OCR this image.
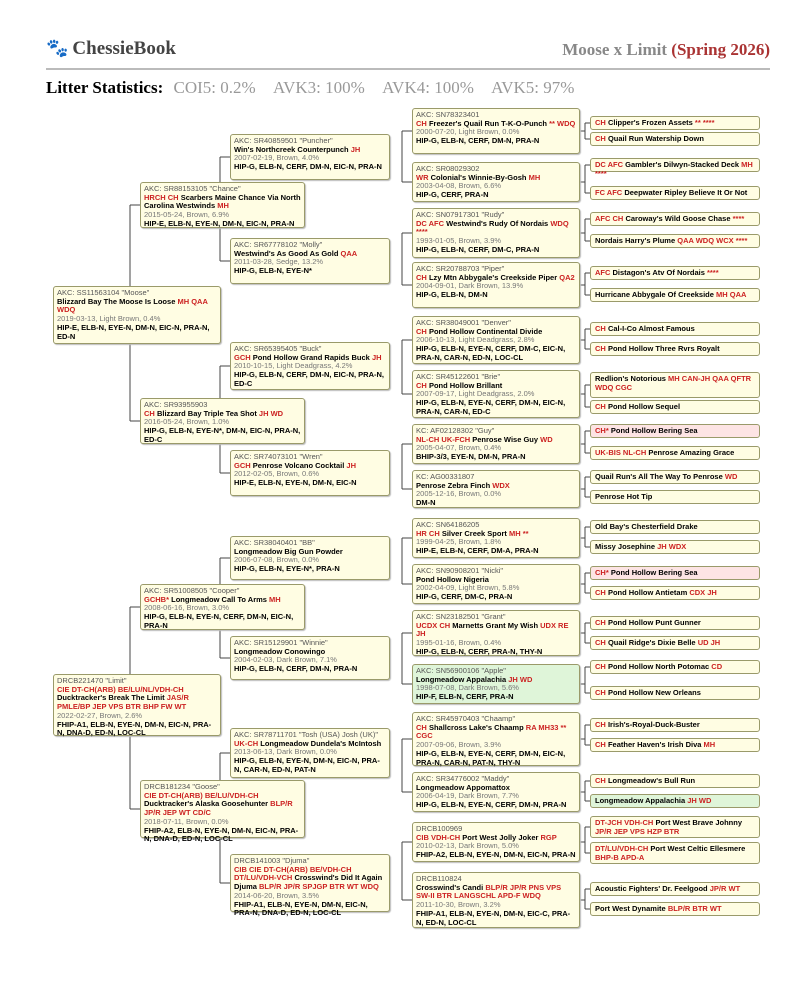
🐾 ChessieBook	Moose x Limit (Spring 2026)
Litter Statistics: COI5: 0.2% AVK3: 100% AVK4: 100% AVK5: 97%
AKC: SS11563104 "Moose"
Blizzard Bay The Moose Is Loose MH QAA WDQ
2019-03-13, Light Brown, 0.4%
HIP-E, ELB-N, EYE-N, DM-N, EIC-N, PRA-N, ED-N
AKC: SR88153105 "Chance"
HRCH CH Scarbers Maine Chance Via North Carolina Westwinds MH
2015-05-24, Brown, 6.9%
HIP-E, ELB-N, EYE-N, DM-N, EIC-N, PRA-N
AKC: SR93955903
CH Blizzard Bay Triple Tea Shot JH WD
2016-05-24, Brown, 1.0%
HIP-G, ELB-N, EYE-N*, DM-N, EIC-N, PRA-N, ED-C
AKC: SR40859501 "Puncher"
Win's Northcreek Counterpunch JH
2007-02-19, Brown, 4.0%
HIP-G, ELB-N, CERF, DM-N, EIC-N, PRA-N
AKC: SR67778102 "Molly"
Westwind's As Good As Gold QAA
2011-03-28, Sedge, 13.2%
HIP-G, ELB-N, EYE-N*
AKC: SR65395405 "Buck"
GCH Pond Hollow Grand Rapids Buck JH
2010-10-15, Light Deadgrass, 4.2%
HIP-G, ELB-N, CERF, DM-N, EIC-N, PRA-N, ED-C
AKC: SR74073101 "Wren"
GCH Penrose Volcano Cocktail JH
2012-02-05, Brown, 0.6%
HIP-E, ELB-N, EYE-N, DM-N, EIC-N
AKC: SN78323401
CH Freezer's Quail Run T-K-O-Punch ** WDQ
2000-07-20, Light Brown, 0.0%
HIP-G, ELB-N, CERF, DM-N, PRA-N
AKC: SR08029302
WR Colonial's Winnie-By-Gosh MH
2003-04-08, Brown, 6.6%
HIP-G, CERF, PRA-N
AKC: SN07917301 "Rudy"
DC AFC Westwind's Rudy Of Nordais WDQ ****
1993-01-05, Brown, 3.9%
HIP-G, ELB-N, CERF, DM-C, PRA-N
AKC: SR20788703 "Piper"
CH Lzy Mtn Abbygale's Creekside Piper QA2
2004-09-01, Dark Brown, 13.9%
HIP-G, ELB-N, DM-N
AKC: SR38049001 "Denver"
CH Pond Hollow Continental Divide
2006-10-13, Light Deadgrass, 2.8%
HIP-G, ELB-N, EYE-N, CERF, DM-C, EIC-N, PRA-N, CAR-N, ED-N, LOC-CL
AKC: SR45122601 "Brie"
CH Pond Hollow Brillant
2007-09-17, Light Deadgrass, 2.0%
HIP-G, ELB-N, EYE-N, CERF, DM-N, EIC-N, PRA-N, CAR-N, ED-C
KC: AF02128302 "Guy"
NL-CH UK-FCH Penrose Wise Guy WD
2005-04-07, Brown, 0.4%
BHIP-3/3, EYE-N, DM-N, PRA-N
KC: AG00331807
Penrose Zebra Finch WDX
2005-12-16, Brown, 0.0%
DM-N
DRCB221470 "Limit"
CIE DT-CH(ARB) BE/LU/NL/VDH-CH Ducktracker's Break The Limit JAS/R PMLE/BP JEP VPS BTR BHP FW WT
2022-02-27, Brown, 2.6%
FHIP-A1, ELB-N, EYE-N, DM-N, EIC-N, PRA-N, DNA-D, ED-N, LOC-CL
AKC: SR51008505 "Cooper"
GCHB* Longmeadow Call To Arms MH
2008-06-16, Brown, 3.0%
HIP-G, ELB-N, EYE-N, CERF, DM-N, EIC-N, PRA-N
DRCB181234 "Goose"
CIE DT-CH(ARB) BE/LU/VDH-CH Ducktracker's Alaska Goosehunter BLP/R JP/R JEP WT CD/C
2018-07-11, Brown, 0.0%
FHIP-A2, ELB-N, EYE-N, DM-N, EIC-N, PRA-N, DNA-D, ED-N, LOC-CL
AKC: SR38040401 "BB"
Longmeadow Big Gun Powder
2006-07-08, Brown, 0.0%
HIP-G, ELB-N, EYE-N*, PRA-N
AKC: SR15129901 "Winnie"
Longmeadow Conowingo
2004-02-03, Dark Brown, 7.1%
HIP-G, ELB-N, CERF, DM-N, PRA-N
AKC: SR78711701 "Tosh (USA) Josh (UK)"
UK-CH Longmeadow Dundela's McIntosh
2013-06-13, Dark Brown, 0.0%
HIP-G, ELB-N, EYE-N, DM-N, EIC-N, PRA-N, CAR-N, ED-N, PAT-N
DRCB141003 "Djuma"
CIB CIE DT-CH(ARB) BE/VDH-CH DT/LU/VDH-VCH Crosswind's Did It Again Djuma BLP/R JP/R SPJGP BTR WT WDQ
2014-06-20, Brown, 3.5%
FHIP-A1, ELB-N, EYE-N, DM-N, EIC-N, PRA-N, DNA-D, ED-N, LOC-CL
AKC: SN64186205
HR CH Silver Creek Sport MH **
1999-04-25, Brown, 1.8%
HIP-E, ELB-N, CERF, DM-A, PRA-N
AKC: SN90908201 "Nicki"
Pond Hollow Nigeria
2002-04-09, Light Brown, 5.8%
HIP-G, CERF, DM-C, PRA-N
AKC: SN23182501 "Grant"
UCDX CH Marnetts Grant My Wish UDX RE JH
1995-01-16, Brown, 0.4%
HIP-G, ELB-N, CERF, PRA-N, THY-N
AKC: SN56900106 "Apple"
Longmeadow Appalachia JH WD
1998-07-08, Dark Brown, 5.6%
HIP-F, ELB-N, CERF, PRA-N
AKC: SR45970403 "Chaamp"
CH Shallcross Lake's Chaamp RA MH33 ** CGC
2007-09-06, Brown, 3.9%
HIP-G, ELB-N, EYE-N, CERF, DM-N, EIC-N, PRA-N, CAR-N, PAT-N, THY-N
AKC: SR34776002 "Maddy"
Longmeadow Appomattox
2006-04-19, Dark Brown, 7.7%
HIP-G, ELB-N, EYE-N, CERF, DM-N, PRA-N
DRCB100969
CIB VDH-CH Port West Jolly Joker RGP
2010-02-13, Dark Brown, 5.0%
FHIP-A2, ELB-N, EYE-N, DM-N, EIC-N, PRA-N
DRCB110824
Crosswind's Candi BLP/R JP/R PNS VPS SW-II BTR LANGSCHL APD-F WDQ
2011-10-30, Brown, 3.2%
FHIP-A1, ELB-N, EYE-N, DM-N, EIC-C, PRA-N, ED-N, LOC-CL
CH Clipper's Frozen Assets ** ****
CH Quail Run Watership Down
DC AFC Gambler's Dilwyn-Stacked Deck MH ****
FC AFC Deepwater Ripley Believe It Or Not
AFC CH Caroway's Wild Goose Chase ****
Nordais Harry's Plume QAA WDQ WCX ****
AFC Distagon's Atv Of Nordais ****
Hurricane Abbygale Of Creekside MH QAA
CH Cal-I-Co Almost Famous
CH Pond Hollow Three Rvrs Royalt
Redlion's Notorious MH CAN-JH QAA QFTR WDQ CGC
CH Pond Hollow Sequel
CH* Pond Hollow Bering Sea
UK-BIS NL-CH Penrose Amazing Grace
Quail Run's All The Way To Penrose WD
Penrose Hot Tip
Old Bay's Chesterfield Drake
Missy Josephine JH WDX
CH* Pond Hollow Bering Sea
CH Pond Hollow Antietam CDX JH
CH Pond Hollow Punt Gunner
CH Quail Ridge's Dixie Belle UD JH
CH Pond Hollow North Potomac CD
CH Pond Hollow New Orleans
CH Irish's-Royal-Duck-Buster
CH Feather Haven's Irish Diva MH
CH Longmeadow's Bull Run
Longmeadow Appalachia JH WD
DT-JCH VDH-CH Port West Brave Johnny JP/R JEP VPS HZP BTR
DT/LU/VDH-CH Port West Celtic Ellesmere BHP-B APD-A
Acoustic Fighters' Dr. Feelgood JP/R WT
Port West Dynamite BLP/R BTR WT
